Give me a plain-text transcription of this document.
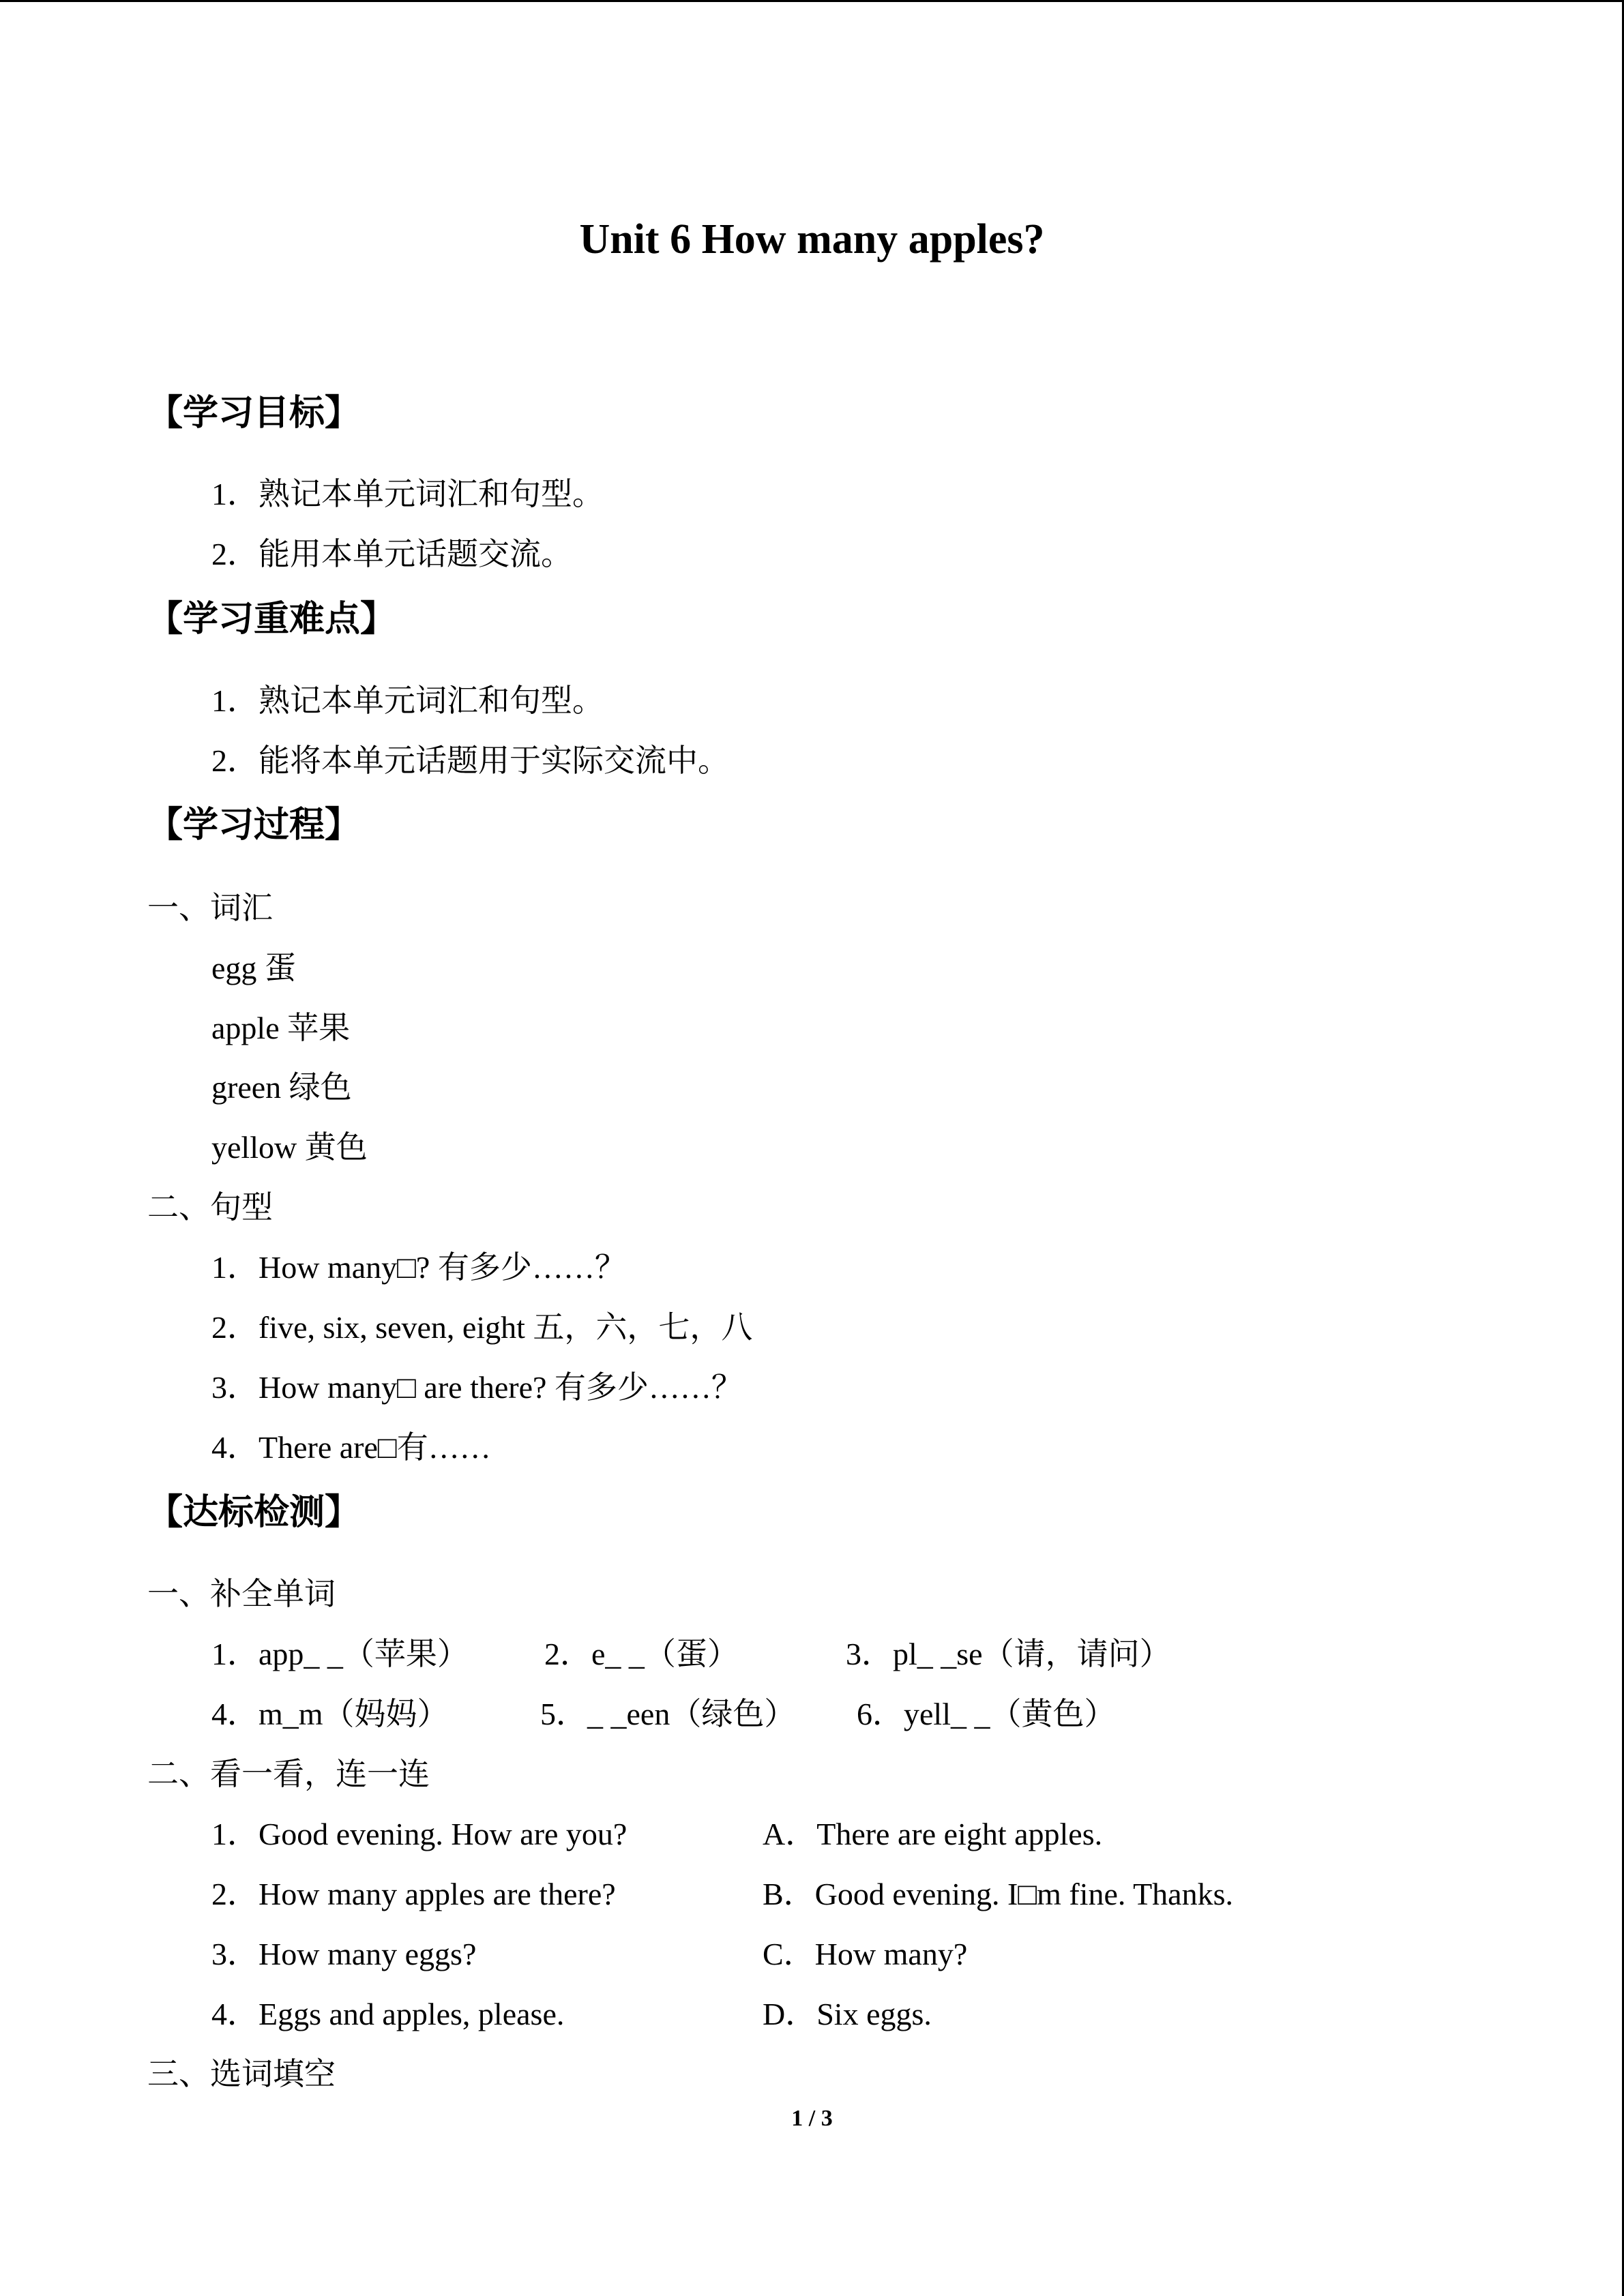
Unit 6 How many apples?
【学习目标】
1．熟记本单元词汇和句型。
2．能用本单元话题交流。
【学习重难点】
1．熟记本单元词汇和句型。
2．能将本单元话题用于实际交流中。
【学习过程】
一、词汇
egg 蛋
apple 苹果
green 绿色
yellow 黄色
二、句型
1．How many□? 有多少……？
2．five, six, seven, eight 五，六，七，八
3．How many□ are there? 有多少……？
4．There are□有……
【达标检测】
一、补全单词
1．app_ _（苹果） 2．e_ _（蛋）	3．pl_ _se（请，请问）
4．m_m（妈妈）	5．_ _een（绿色） 6．yell_ _（黄色）
二、看一看，连一连
1．Good evening. How are you?	A．There are eight apples.
2．How many apples are there?	B．Good evening. I□m fine. Thanks.
3．How many eggs?	C．How many?
4．Eggs and apples, please.	D．Six eggs.
三、选词填空
1 / 3
